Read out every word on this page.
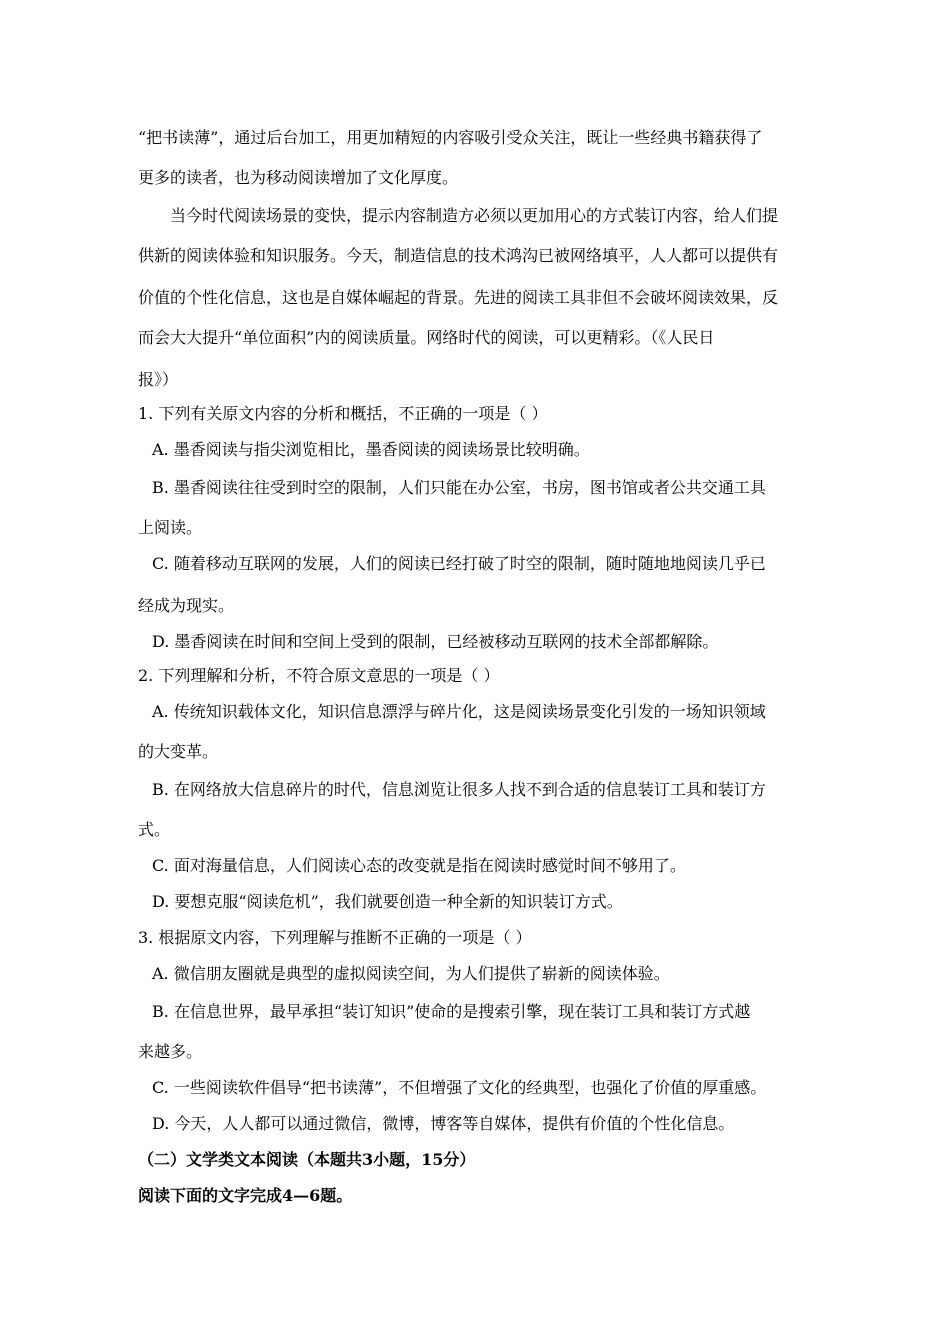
“把书读薄”，通过后台加工，用更加精短的内容吸引受众关注，既让一些经典书籍获得了
更多的读者，也为移动阅读增加了文化厚度。
当今时代阅读场景的变快，提示内容制造方必须以更加用心的方式装订内容，给人们提
供新的阅读体验和知识服务。今天，制造信息的技术鸿沟已被网络填平，人人都可以提供有
价值的个性化信息，这也是自媒体崛起的背景。先进的阅读工具非但不会破坏阅读效果，反
而会大大提升“单位面积”内的阅读质量。网络时代的阅读，可以更精彩。（《人民日
报》）
1. 下列有关原文内容的分析和概括，不正确的一项是（ ）
A. 墨香阅读与指尖浏览相比，墨香阅读的阅读场景比较明确。
B. 墨香阅读往往受到时空的限制，人们只能在办公室，书房，图书馆或者公共交通工具
上阅读。
C. 随着移动互联网的发展，人们的阅读已经打破了时空的限制，随时随地地阅读几乎已
经成为现实。
D. 墨香阅读在时间和空间上受到的限制，已经被移动互联网的技术全部都解除。
2. 下列理解和分析，不符合原文意思的一项是（ ）
A. 传统知识载体文化，知识信息漂浮与碎片化，这是阅读场景变化引发的一场知识领域
的大变革。
B. 在网络放大信息碎片的时代，信息浏览让很多人找不到合适的信息装订工具和装订方
式。
C. 面对海量信息，人们阅读心态的改变就是指在阅读时感觉时间不够用了。
D. 要想克服“阅读危机”，我们就要创造一种全新的知识装订方式。
3. 根据原文内容，下列理解与推断不正确的一项是（ ）
A. 微信朋友圈就是典型的虚拟阅读空间，为人们提供了崭新的阅读体验。
B. 在信息世界，最早承担“装订知识”使命的是搜索引擎，现在装订工具和装订方式越
来越多。
C. 一些阅读软件倡导“把书读薄”，不但增强了文化的经典型，也强化了价值的厚重感。
D. 今天，人人都可以通过微信，微博，博客等自媒体，提供有价值的个性化信息。
（二）文学类文本阅读（本题共3小题，15分）
阅读下面的文字完成4—6题。
